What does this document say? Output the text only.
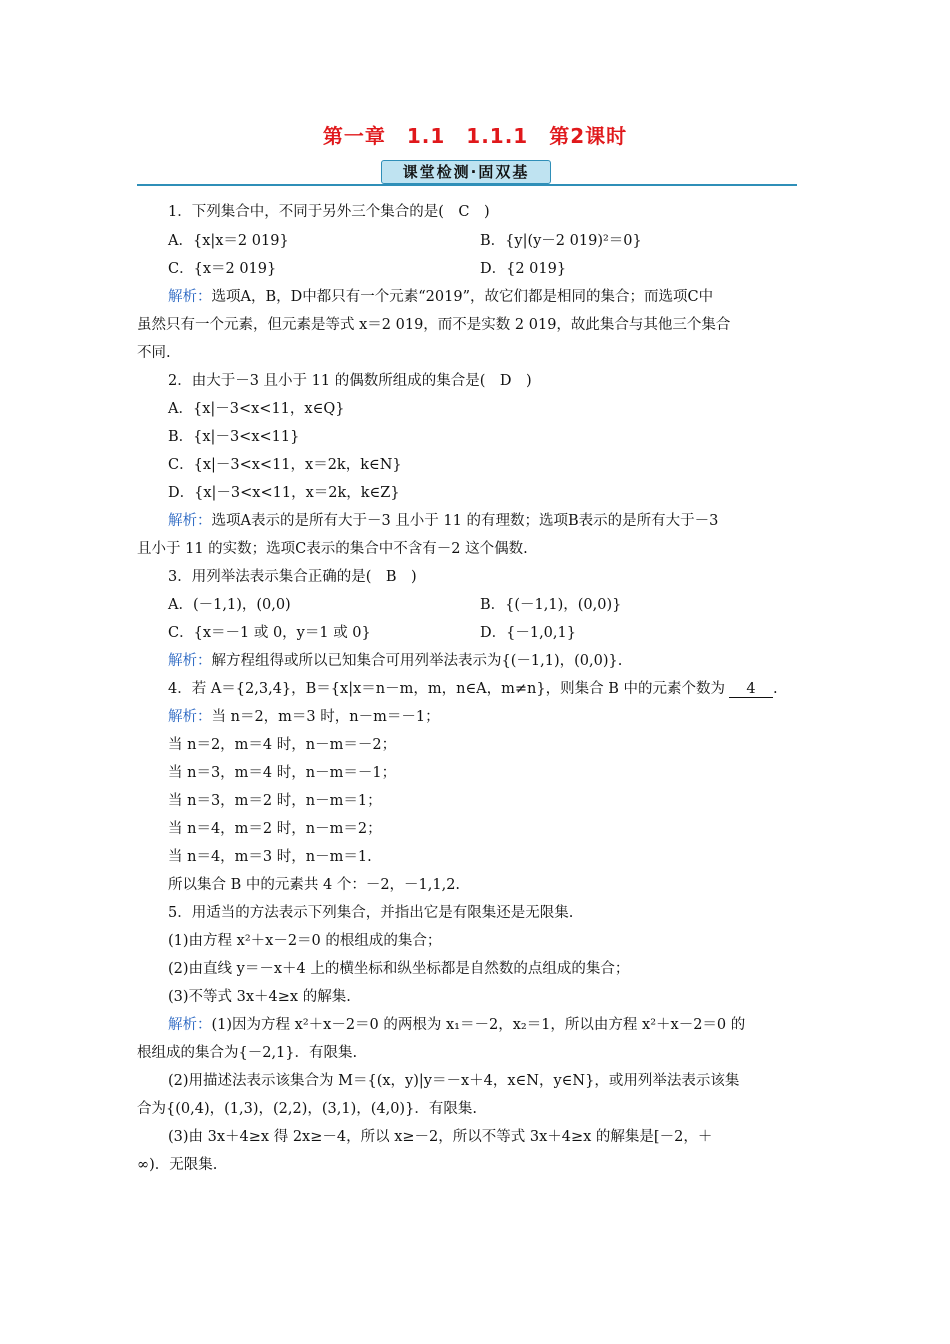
第一章　1.1　1.1.1　第2课时
课堂检测·固双基
1．下列集合中，不同于另外三个集合的是(　C　)
A．{x|x＝2 019}	B．{y|(y－2 019)²＝0}
C．{x＝2 019}	D．{2 019}
解析：选项A，B，D中都只有一个元素“2019”，故它们都是相同的集合；而选项C中
虽然只有一个元素，但元素是等式 x＝2 019，而不是实数 2 019，故此集合与其他三个集合
不同.
2．由大于－3 且小于 11 的偶数所组成的集合是(　D　)
A．{x|－3<x<11，x∈Q}
B．{x|－3<x<11}
C．{x|－3<x<11，x＝2k，k∈N}
D．{x|－3<x<11，x＝2k，k∈Z}
解析：选项A表示的是所有大于－3 且小于 11 的有理数；选项B表示的是所有大于－3
且小于 11 的实数；选项C表示的集合中不含有－2 这个偶数.
3．用列举法表示集合正确的是(　B　)
A．(－1,1)，(0,0)	B．{(－1,1)，(0,0)}
C．{x＝－1 或 0，y＝1 或 0}	D．{－1,0,1}
解析：解方程组得或所以已知集合可用列举法表示为{(－1,1)，(0,0)}.
4．若 A＝{2,3,4}，B＝{x|x＝n－m，m，n∈A，m≠n}，则集合 B 中的元素个数为 4 .
解析：当 n＝2，m＝3 时，n－m＝－1；
当 n＝2，m＝4 时，n－m＝－2；
当 n＝3，m＝4 时，n－m＝－1；
当 n＝3，m＝2 时，n－m＝1；
当 n＝4，m＝2 时，n－m＝2；
当 n＝4，m＝3 时，n－m＝1.
所以集合 B 中的元素共 4 个：－2，－1,1,2.
5．用适当的方法表示下列集合，并指出它是有限集还是无限集.
(1)由方程 x²＋x－2＝0 的根组成的集合；
(2)由直线 y＝－x＋4 上的横坐标和纵坐标都是自然数的点组成的集合；
(3)不等式 3x＋4≥x 的解集.
解析：(1)因为方程 x²＋x－2＝0 的两根为 x₁＝－2，x₂＝1，所以由方程 x²＋x－2＝0 的
根组成的集合为{－2,1}．有限集.
(2)用描述法表示该集合为 M＝{(x，y)|y＝－x＋4，x∈N，y∈N}，或用列举法表示该集
合为{(0,4)，(1,3)，(2,2)，(3,1)，(4,0)}．有限集.
(3)由 3x＋4≥x 得 2x≥－4，所以 x≥－2，所以不等式 3x＋4≥x 的解集是[－2，＋
∞)．无限集.
